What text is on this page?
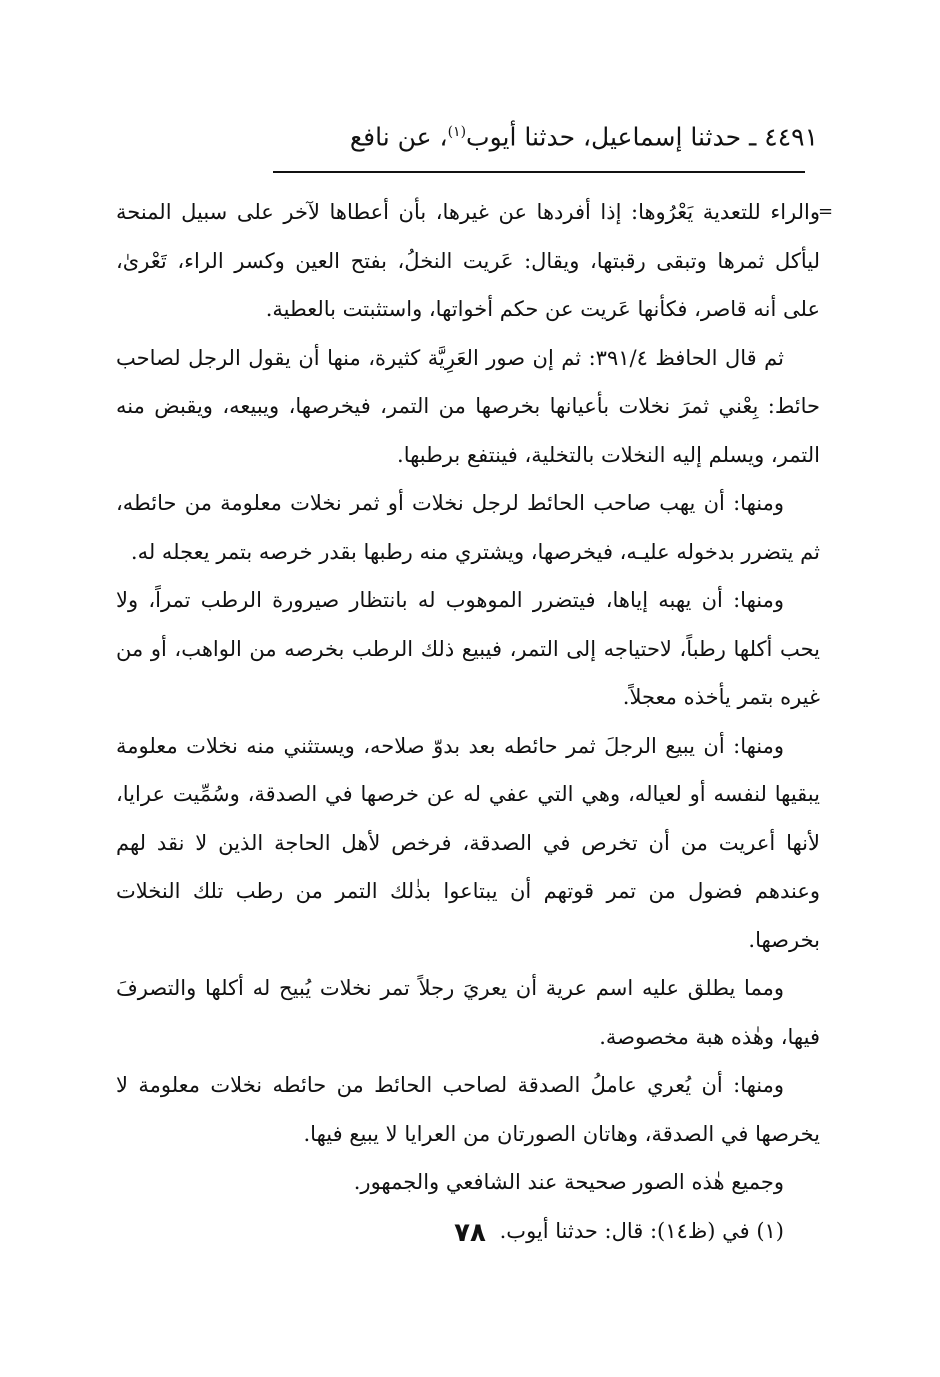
٤٤٩١ ـ حدثنا إسماعيل، حدثنا أيوب$^{(١)}$، عن نافع
=

والراء للتعدية يَعْرُوها: إذا أفردها عن غيرها، بأن أعطاها لآخر على سبيل المنحة ليأكل ثمرها وتبقى رقبتها، ويقال: عَريت النخلُ، بفتح العين وكسر الراء، تَعْرىٰ، على أنه قاصر، فكأنها عَريت عن حكم أخواتها، واستثبتت بالعطية.

ثم قال الحافظ ٣٩١/٤: ثم إن صور العَرِيَّة كثيرة، منها أن يقول الرجل لصاحب حائط: بِعْني ثمرَ نخلات بأعيانها بخرصها من التمر، فيخرصها، ويبيعه، ويقبض منه التمر، ويسلم إليه النخلات بالتخلية، فينتفع برطبها.

ومنها: أن يهب صاحب الحائط لرجل نخلات أو ثمر نخلات معلومة من حائطه، ثم يتضرر بدخوله عليـه، فيخرصها، ويشتري منه رطبها بقدر خرصه بتمر يعجله له.

ومنها: أن يهبه إياها، فيتضرر الموهوب له بانتظار صيرورة الرطب تمراً، ولا يحب أكلها رطباً، لاحتياجه إلى التمر، فيبيع ذلك الرطب بخرصه من الواهب، أو من غيره بتمر يأخذه معجلاً.

ومنها: أن يبيع الرجلَ ثمر حائطه بعد بدوّ صلاحه، ويستثني منه نخلات معلومة يبقيها لنفسه أو لعياله، وهي التي عفي له عن خرصها في الصدقة، وسُمِّيت عرايا، لأنها أعريت من أن تخرص في الصدقة، فرخص لأهل الحاجة الذين لا نقد لهم وعندهم فضول من تمر قوتهم أن يبتاعوا بذٰلك التمر من رطب تلك النخلات بخرصها.

ومما يطلق عليه اسم عرية أن يعريَ رجلاً تمر نخلات يُبيح له أكلها والتصرفَ فيها، وهٰذه هبة مخصوصة.

ومنها: أن يُعري عاملُ الصدقة لصاحب الحائط من حائطه نخلات معلومة لا يخرصها في الصدقة، وهاتان الصورتان من العرايا لا يبيع فيها.

وجميع هٰذه الصور صحيحة عند الشافعي والجمهور.

(١) في (ظ١٤): قال: حدثنا أيوب.

٧٨
